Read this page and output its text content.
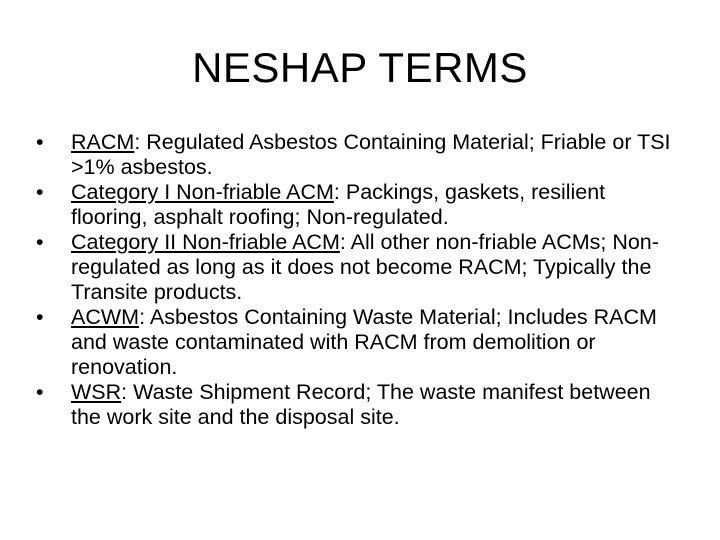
NESHAP TERMS
•	RACM: Regulated Asbestos Containing Material; Friable or TSI >1% asbestos.
•	Category I Non-friable ACM: Packings, gaskets, resilient flooring, asphalt roofing; Non-regulated.
•	Category II Non-friable ACM: All other non-friable ACMs; Non-regulated as long as it does not become RACM; Typically the Transite products.
•	ACWM: Asbestos Containing Waste Material; Includes RACM and waste contaminated with RACM from demolition or renovation.
•	WSR: Waste Shipment Record; The waste manifest between the work site and the disposal site.
